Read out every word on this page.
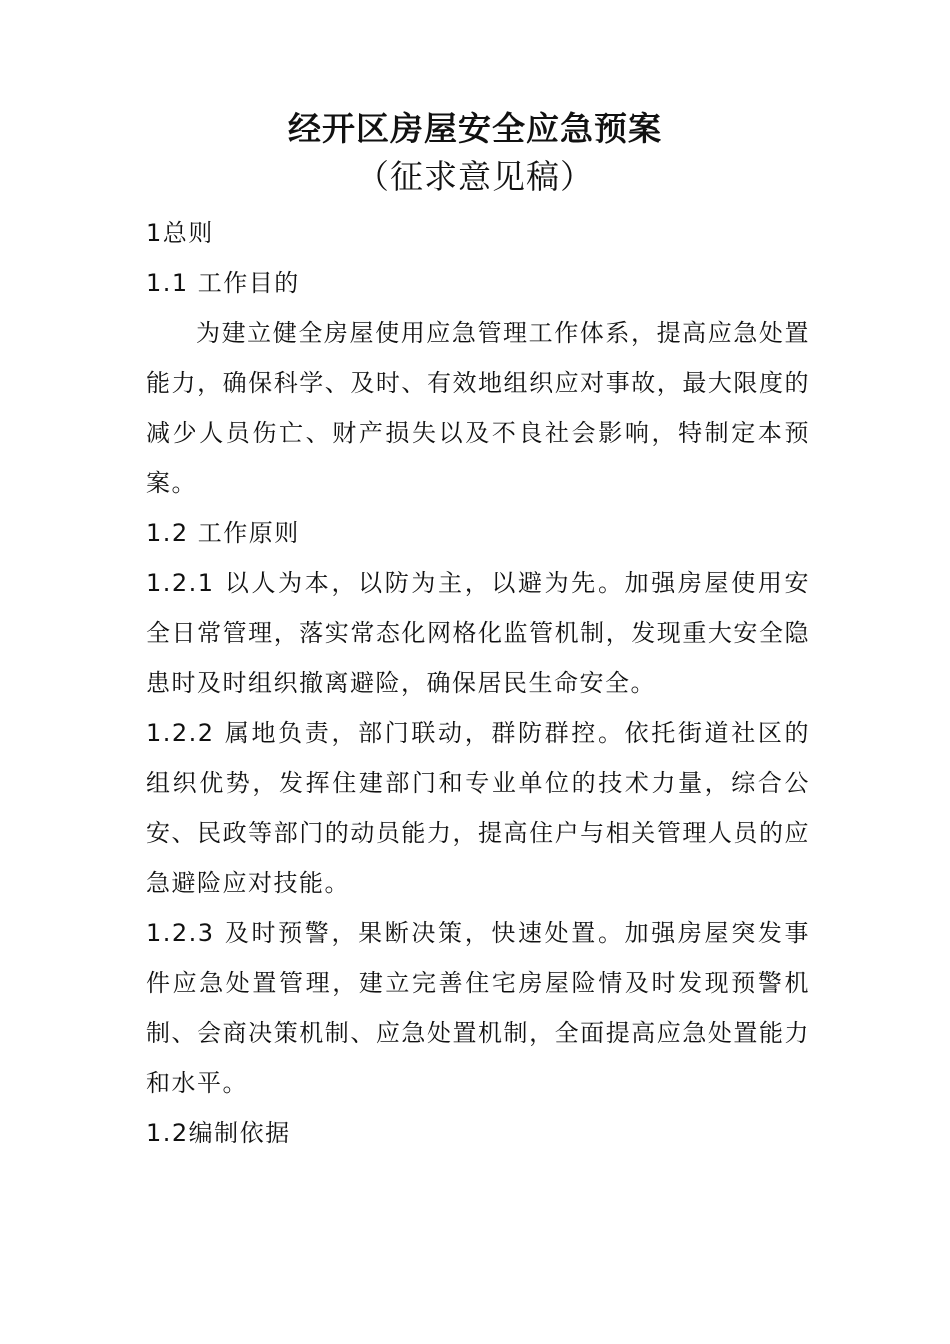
经开区房屋安全应急预案
（征求意见稿）

1总则

1.1 工作目的

为建立健全房屋使用应急管理工作体系，提高应急处置能力，确保科学、及时、有效地组织应对事故，最大限度的减少人员伤亡、财产损失以及不良社会影响，特制定本预案。

1.2 工作原则

1.2.1 以人为本，以防为主，以避为先。加强房屋使用安全日常管理，落实常态化网格化监管机制，发现重大安全隐患时及时组织撤离避险，确保居民生命安全。

1.2.2 属地负责，部门联动，群防群控。依托街道社区的组织优势，发挥住建部门和专业单位的技术力量，综合公安、民政等部门的动员能力，提高住户与相关管理人员的应急避险应对技能。

1.2.3 及时预警，果断决策，快速处置。加强房屋突发事件应急处置管理，建立完善住宅房屋险情及时发现预警机制、会商决策机制、应急处置机制，全面提高应急处置能力和水平。

1.2编制依据
